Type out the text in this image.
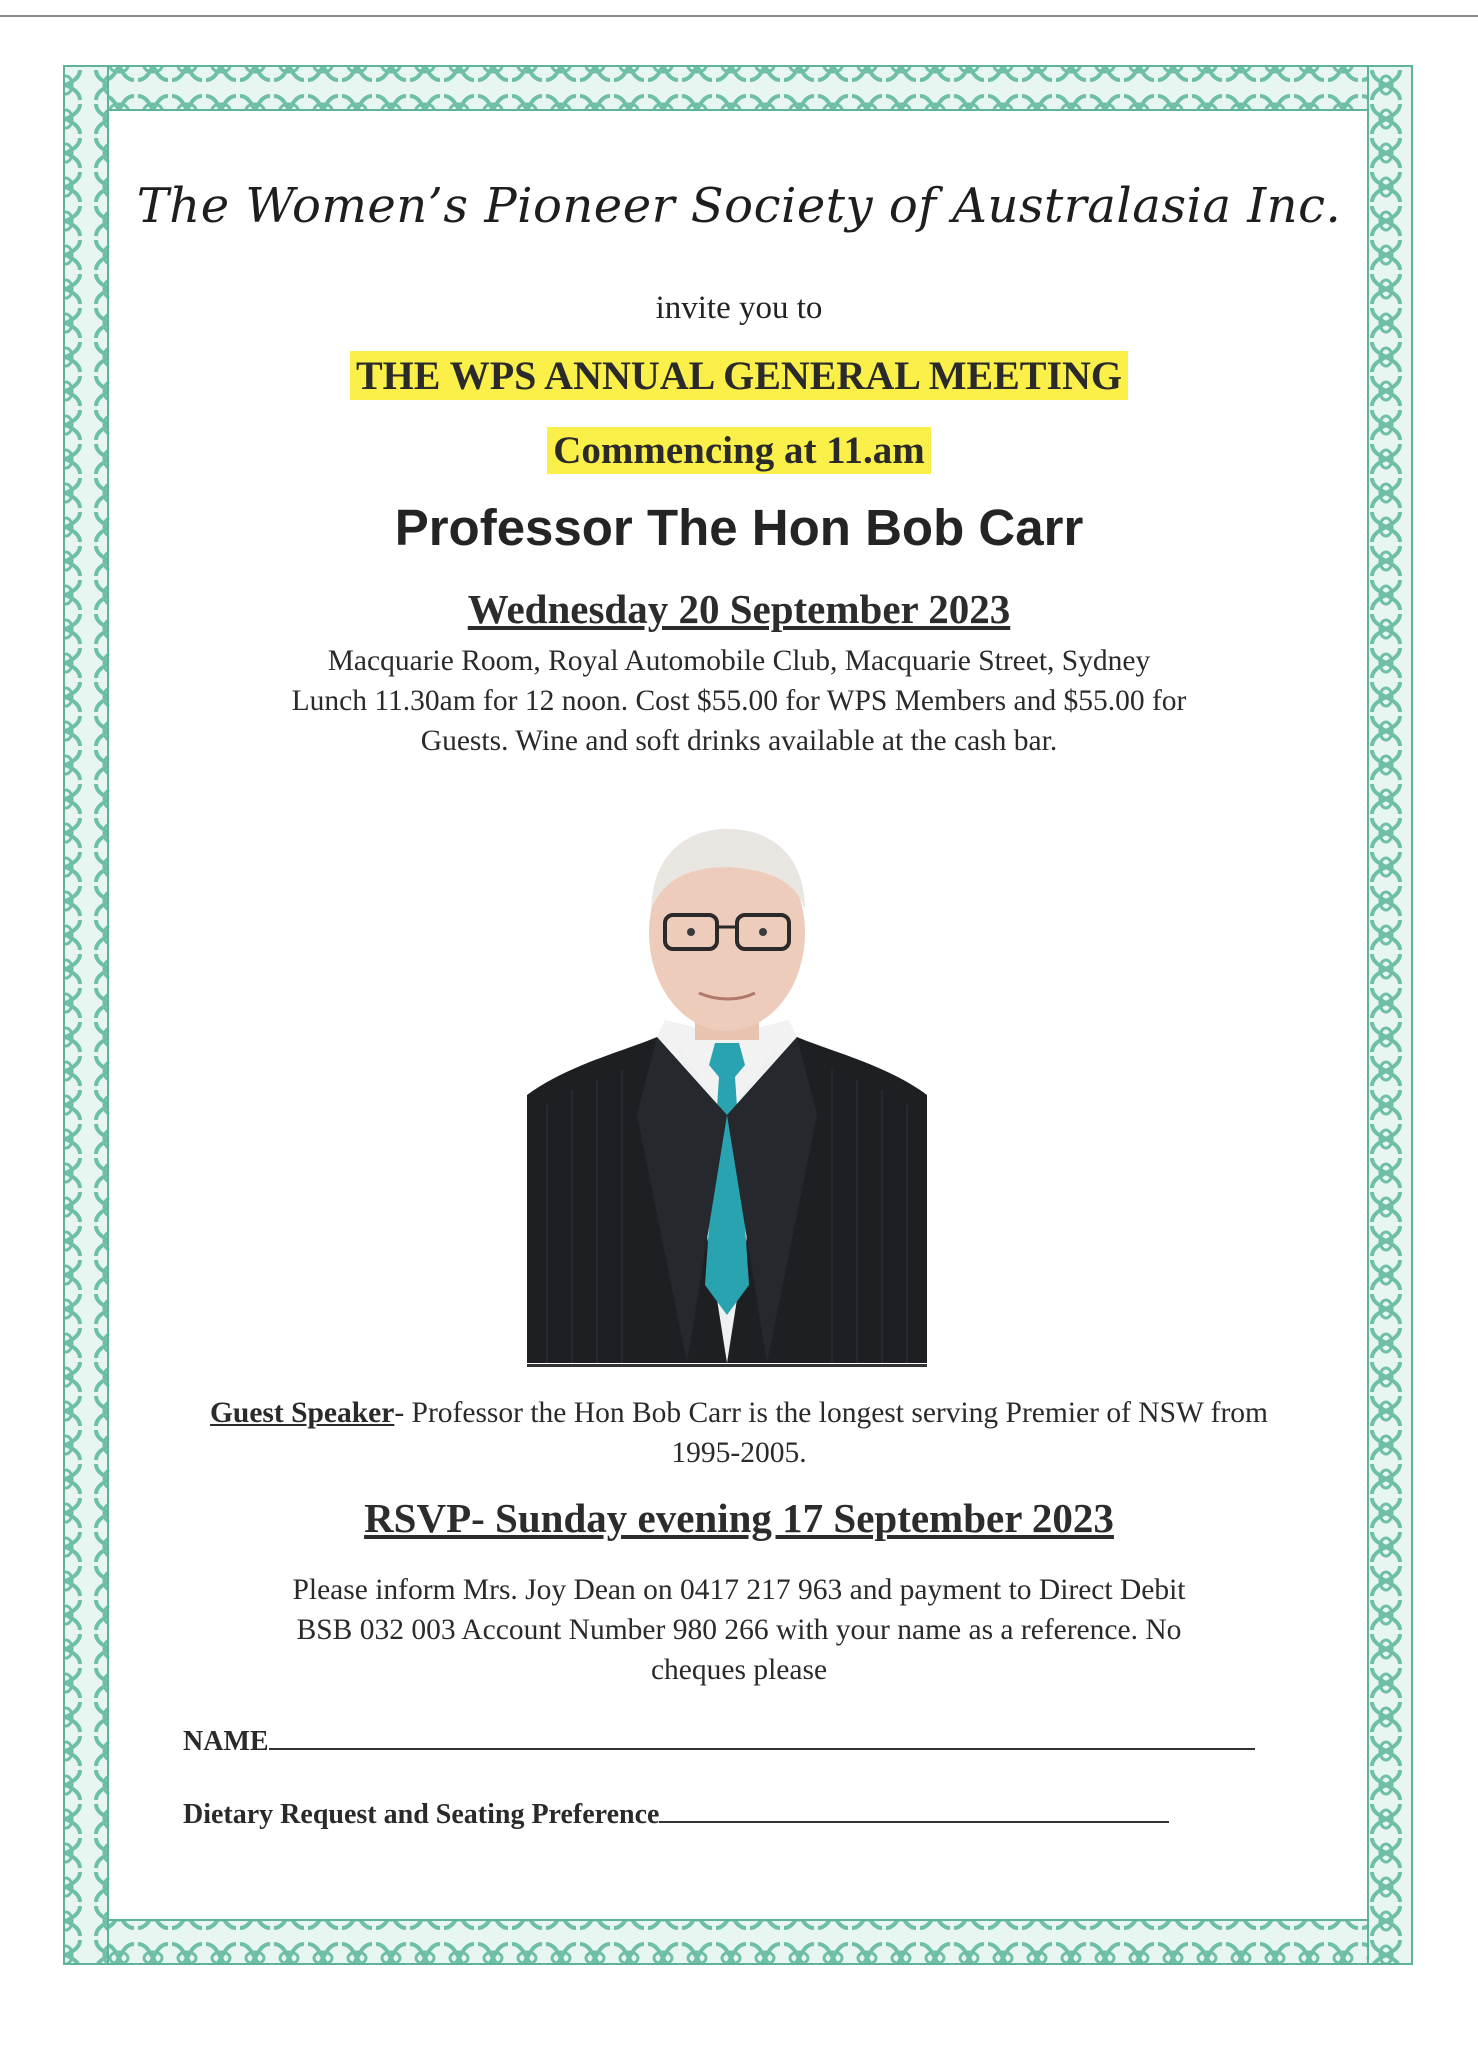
The Women’s Pioneer Society of Australasia Inc.
invite you to
THE WPS ANNUAL GENERAL MEETING
Commencing at 11.am
Professor The Hon Bob Carr
Wednesday 20 September 2023
Macquarie Room, Royal Automobile Club, Macquarie Street, Sydney
Lunch 11.30am for 12 noon. Cost $55.00 for WPS Members and $55.00 for
Guests. Wine and soft drinks available at the cash bar.
Guest Speaker- Professor the Hon Bob Carr is the longest serving Premier of NSW from 1995-2005.
RSVP- Sunday evening 17 September 2023
Please inform Mrs. Joy Dean on 0417 217 963 and payment to Direct Debit
BSB 032 003 Account Number 980 266 with your name as a reference. No
cheques please
NAME
Dietary Request and Seating Preference
